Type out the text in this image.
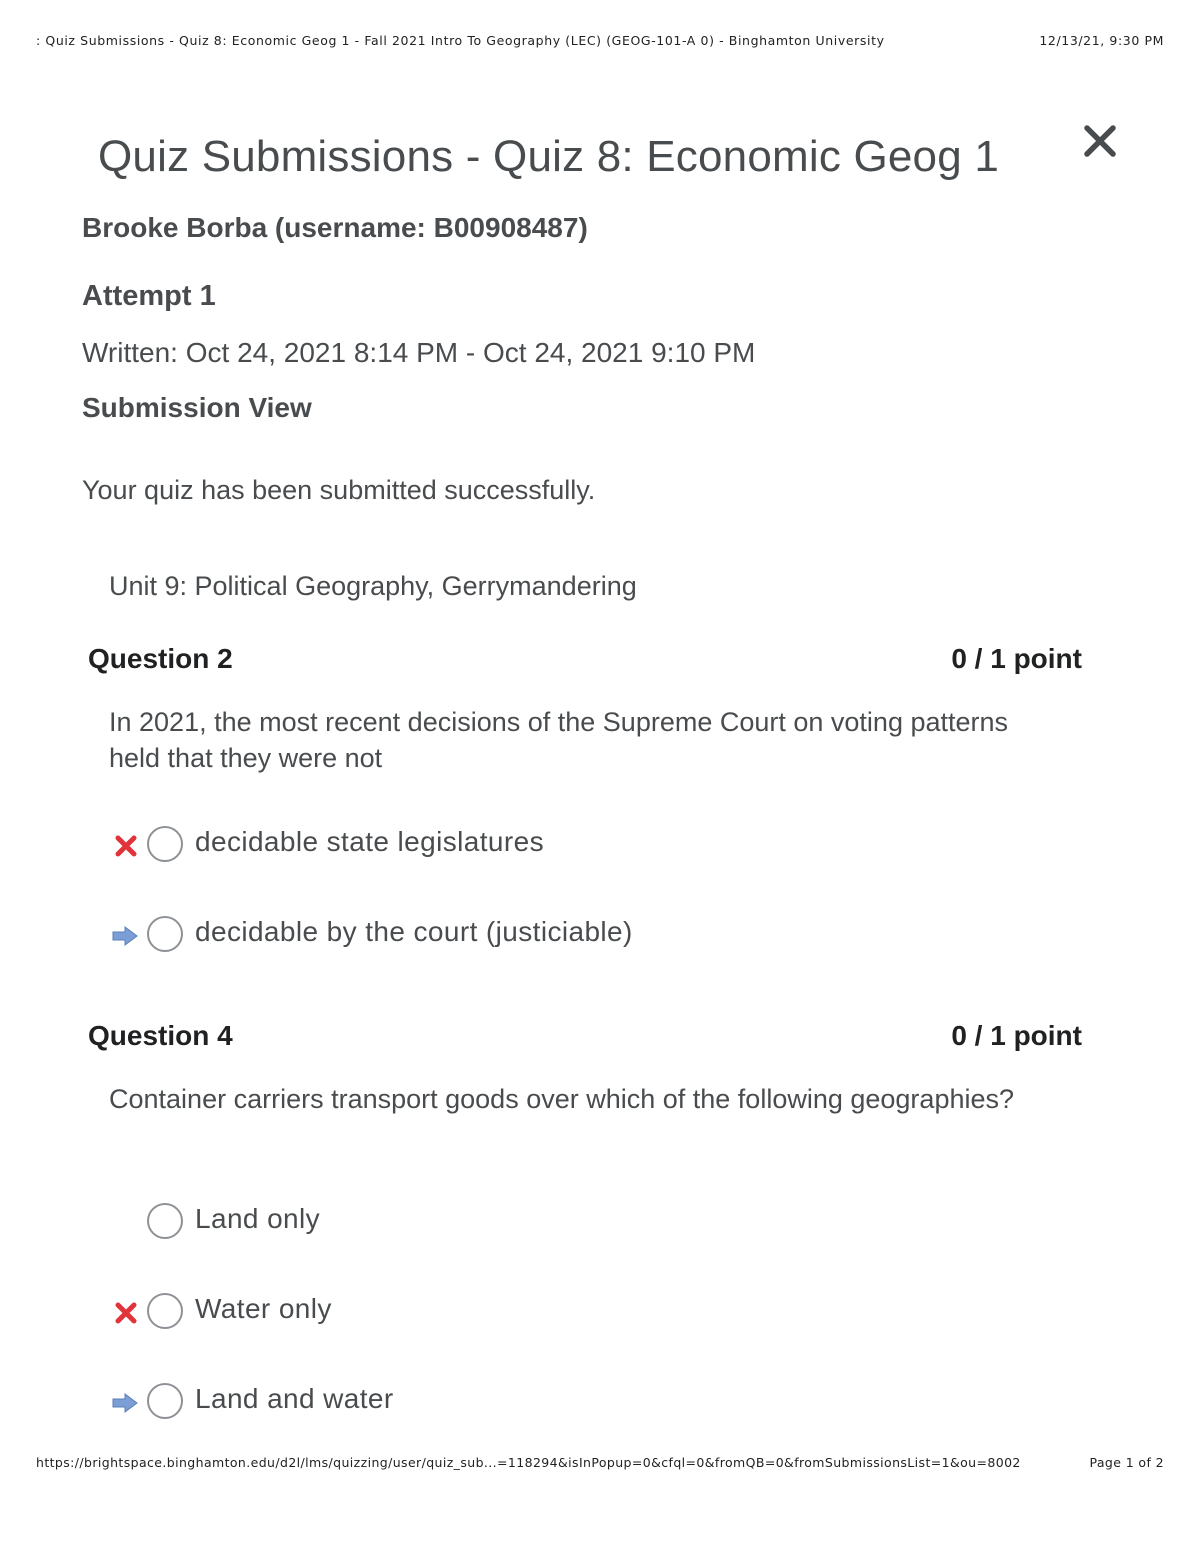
: Quiz Submissions - Quiz 8: Economic Geog 1 - Fall 2021 Intro To Geography (LEC) (GEOG-101-A 0) - Binghamton University	12/13/21, 9:30 PM
Quiz Submissions - Quiz 8: Economic Geog 1
Brooke Borba (username: B00908487)
Attempt 1
Written: Oct 24, 2021 8:14 PM - Oct 24, 2021 9:10 PM
Submission View
Your quiz has been submitted successfully.
Unit 9: Political Geography, Gerrymandering
Question 2	0 / 1 point
In 2021, the most recent decisions of the Supreme Court on voting patterns held that they were not
decidable state legislatures
decidable by the court (justiciable)
Question 4	0 / 1 point
Container carriers transport goods over which of the following geographies?
Land only
Water only
Land and water
https://brightspace.binghamton.edu/d2l/lms/quizzing/user/quiz_sub...=118294&isInPopup=0&cfql=0&fromQB=0&fromSubmissionsList=1&ou=8002	Page 1 of 2
